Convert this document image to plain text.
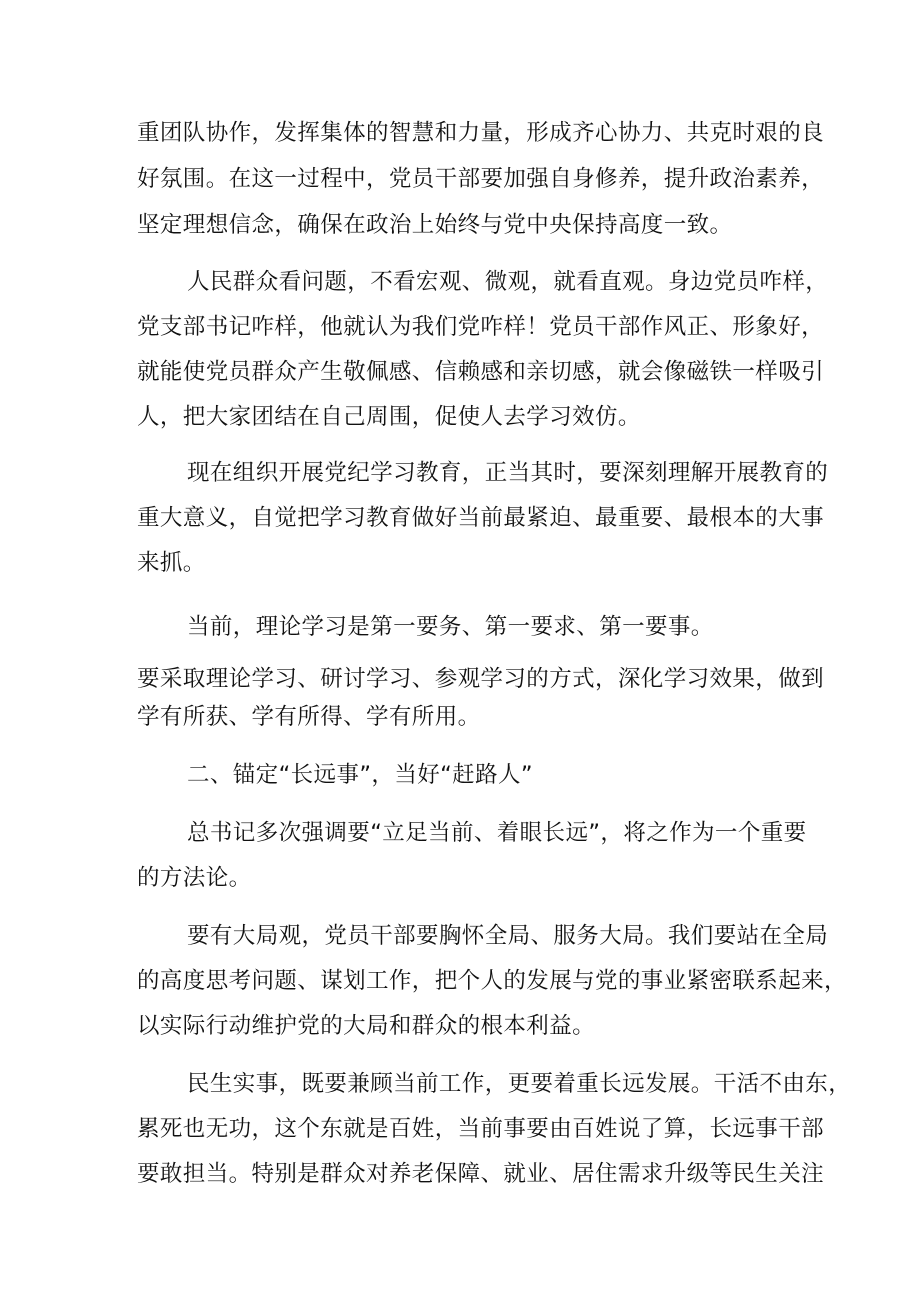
重团队协作，发挥集体的智慧和力量，形成齐心协力、共克时艰的良
好氛围。在这一过程中，党员干部要加强自身修养，提升政治素养，
坚定理想信念，确保在政治上始终与党中央保持高度一致。
人民群众看问题，不看宏观、微观，就看直观。身边党员咋样，
党支部书记咋样，他就认为我们党咋样！党员干部作风正、形象好，
就能使党员群众产生敬佩感、信赖感和亲切感，就会像磁铁一样吸引
人，把大家团结在自己周围，促使人去学习效仿。
现在组织开展党纪学习教育，正当其时，要深刻理解开展教育的
重大意义，自觉把学习教育做好当前最紧迫、最重要、最根本的大事
来抓。
当前，理论学习是第一要务、第一要求、第一要事。
要采取理论学习、研讨学习、参观学习的方式，深化学习效果，做到
学有所获、学有所得、学有所用。
二、锚定“长远事”，当好“赶路人”
总书记多次强调要“立足当前、着眼长远”，将之作为一个重要
的方法论。
要有大局观，党员干部要胸怀全局、服务大局。我们要站在全局
的高度思考问题、谋划工作，把个人的发展与党的事业紧密联系起来，
以实际行动维护党的大局和群众的根本利益。
民生实事，既要兼顾当前工作，更要着重长远发展。干活不由东，
累死也无功，这个东就是百姓，当前事要由百姓说了算，长远事干部
要敢担当。特别是群众对养老保障、就业、居住需求升级等民生关注
